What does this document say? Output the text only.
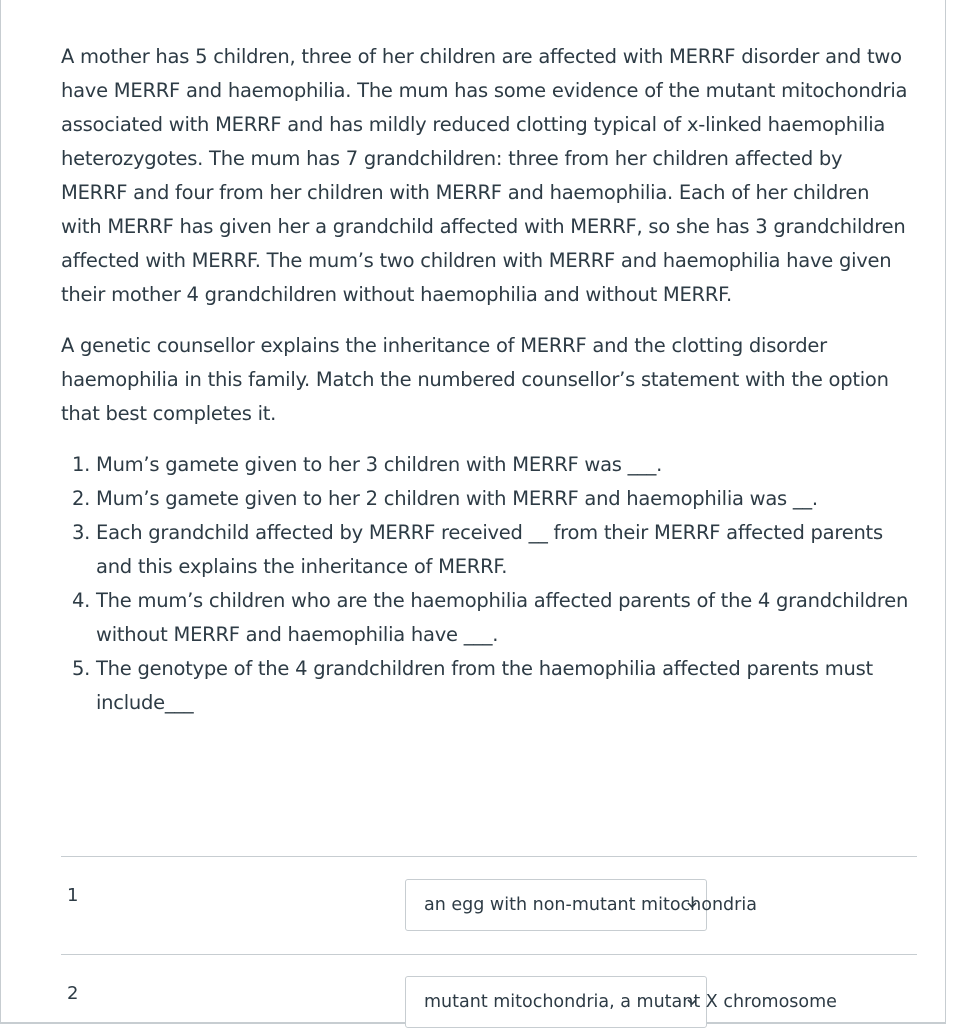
A mother has 5 children, three of her children are affected with MERRF disorder and two have MERRF and haemophilia. The mum has some evidence of the mutant mitochondria associated with MERRF and has mildly reduced clotting typical of x-linked haemophilia heterozygotes. The mum has 7 grandchildren: three from her children affected by MERRF and four from her children with MERRF and haemophilia. Each of her children with MERRF has given her a grandchild affected with MERRF, so she has 3 grandchildren affected with MERRF. The mum’s two children with MERRF and haemophilia have given their mother 4 grandchildren without haemophilia and without MERRF.

A genetic counsellor explains the inheritance of MERRF and the clotting disorder haemophilia in this family. Match the numbered counsellor’s statement with the option that best completes it.

1. Mum’s gamete given to her 3 children with MERRF was ___.
2. Mum’s gamete given to her 2 children with MERRF and haemophilia was __.
3. Each grandchild affected by MERRF received __ from their MERRF affected parents and this explains the inheritance of MERRF.
4. The mum’s children who are the haemophilia affected parents of the 4 grandchildren without MERRF and haemophilia have ___.
5. The genotype of the 4 grandchildren from the haemophilia affected parents must include___
1	an egg with non-mutant mitochondria
2	mutant mitochondria, a mutant X chromosome
